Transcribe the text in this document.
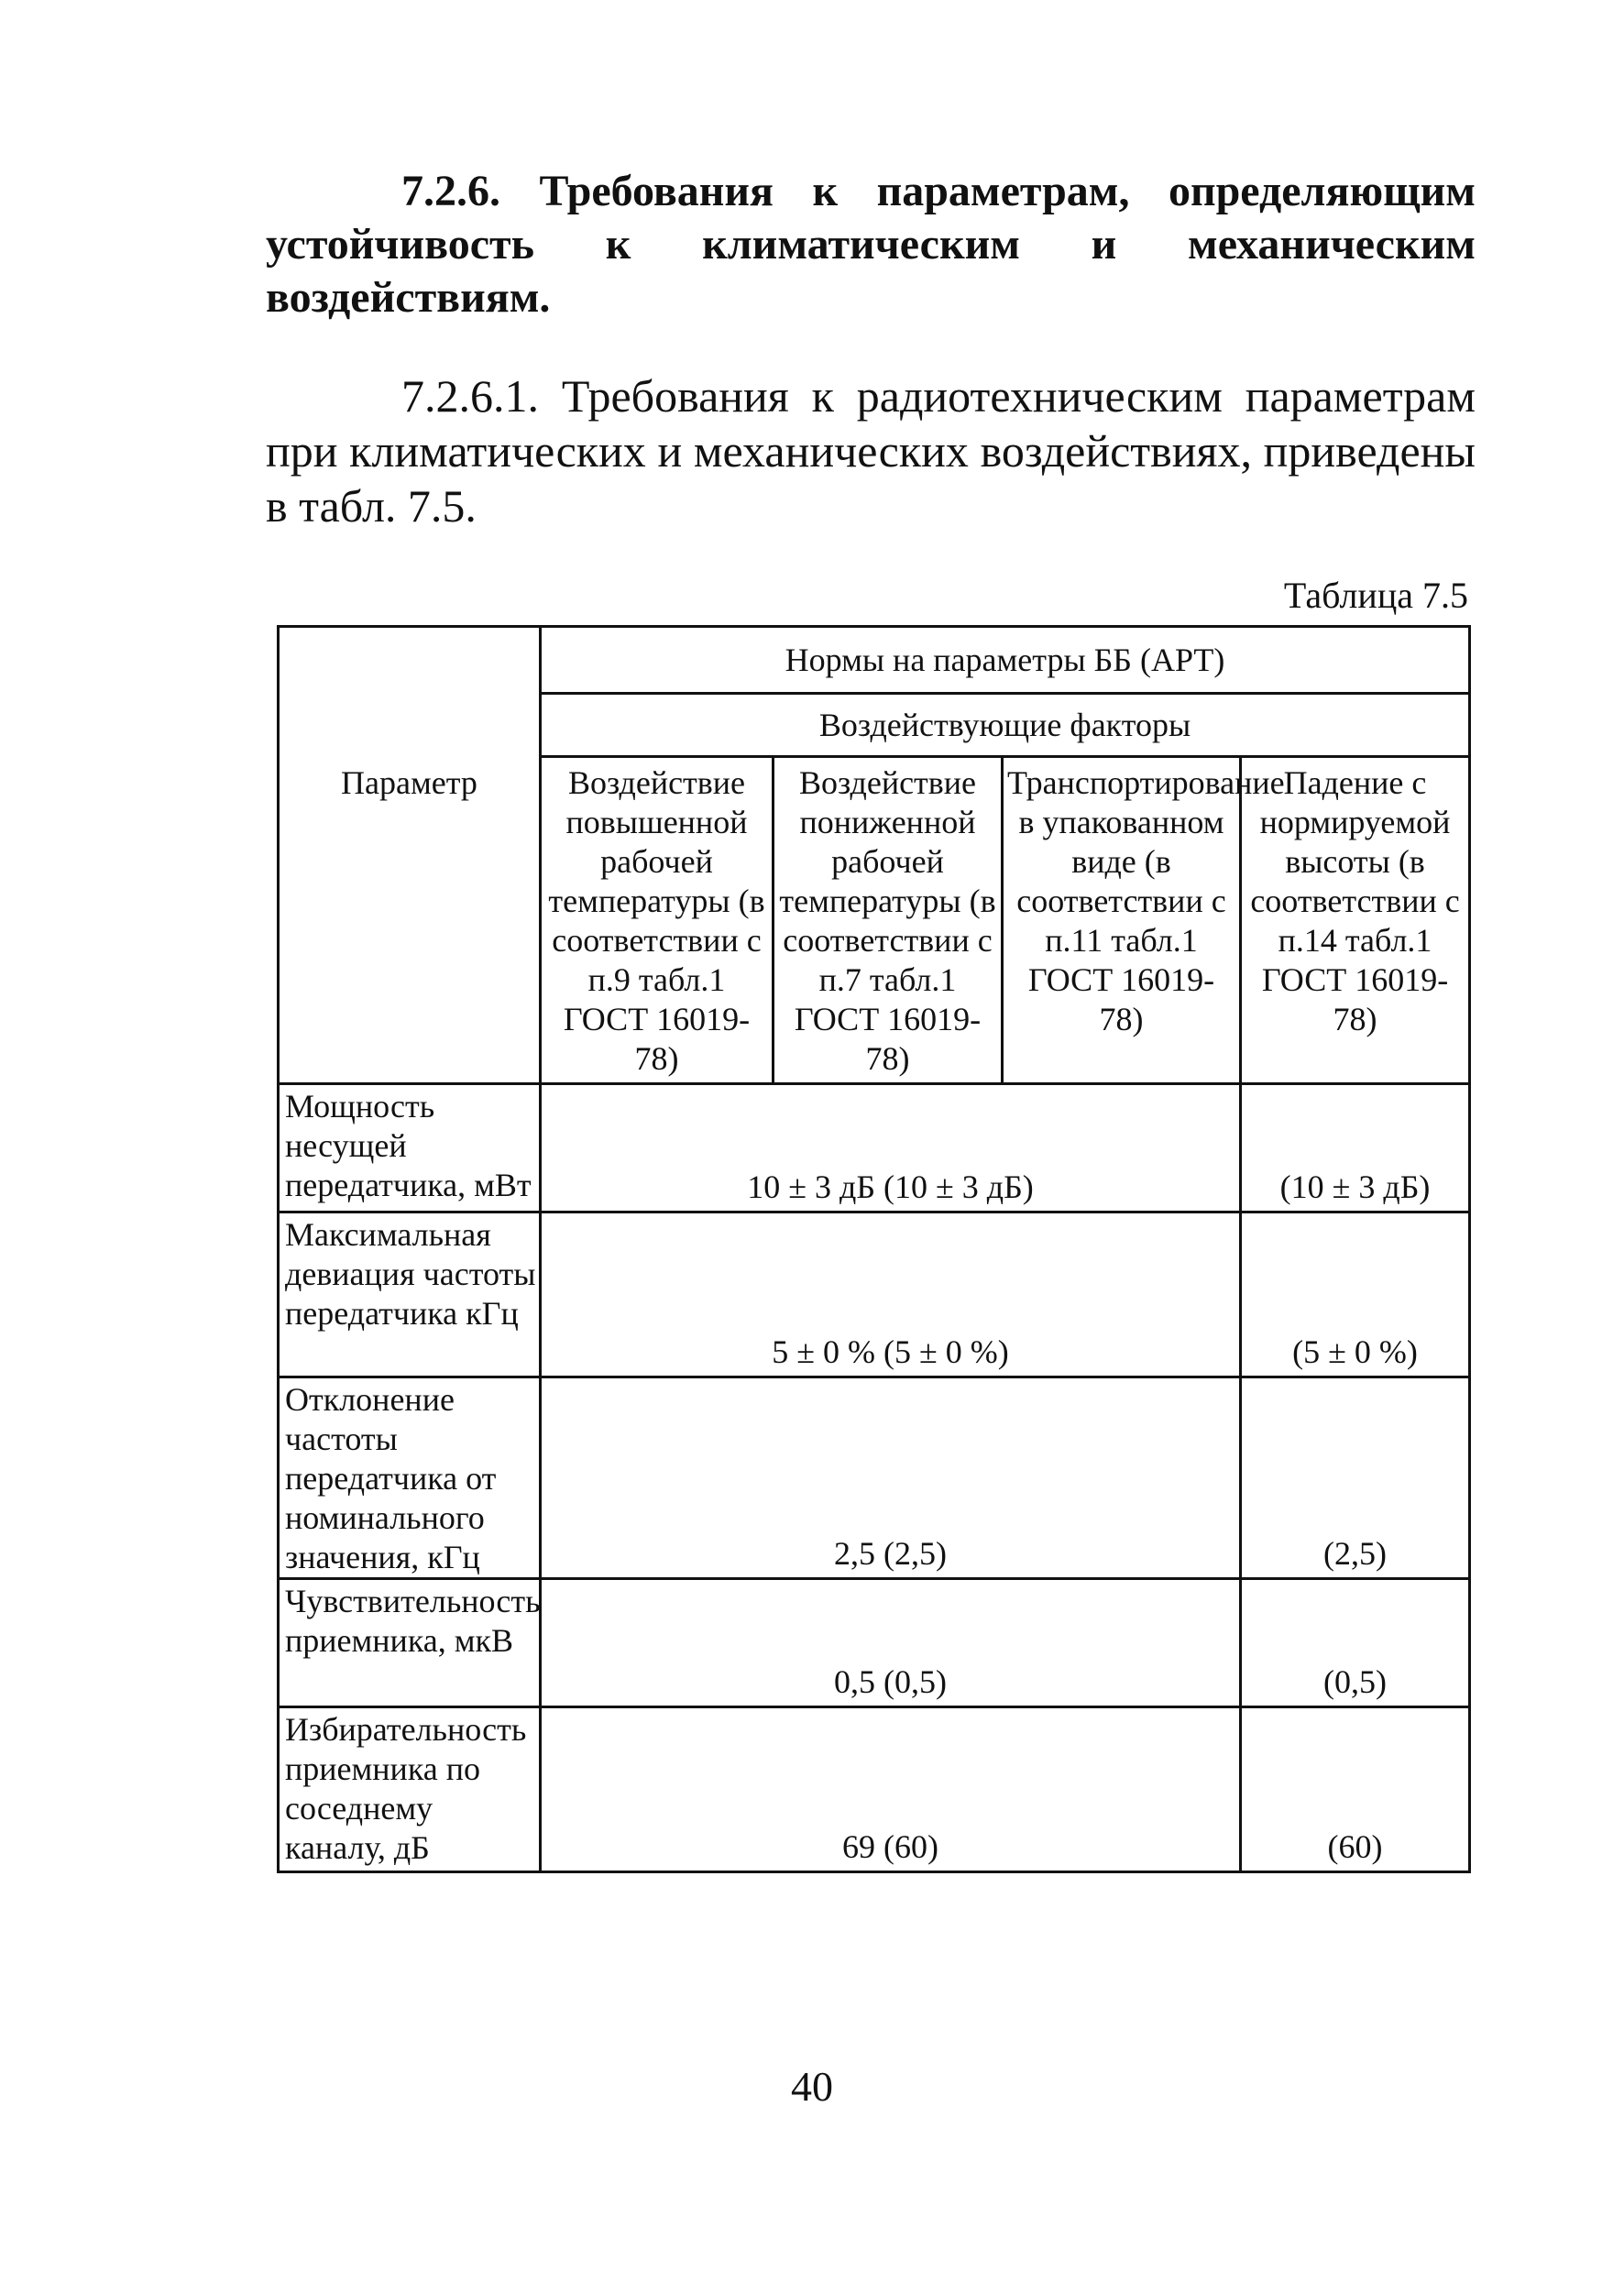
7.2.6. Требования к параметрам, определяющим устойчивость к климатическим и механическим воздействиям.
7.2.6.1. Требования к радиотехническим параметрам при климатических и механических воздействиях, приведены в табл. 7.5.
Таблица 7.5
Параметр	Нормы на параметры ББ (АРТ)			
	Воздействующие факторы			
	Воздействие повышенной рабочей температуры (в соответствии с п.9 табл.1 ГОСТ 16019-78)	Воздействие пониженной рабочей температуры (в соответствии с п.7 табл.1 ГОСТ 16019-78)	Транспортирование в упакованном виде (в соответствии с п.11 табл.1 ГОСТ 16019-78)	Падение с нормируемой высоты (в соответствии с п.14 табл.1 ГОСТ 16019-78)
Мощность несущей передатчика, мВт	10 ± 3 дБ (10 ± 3 дБ)			(10 ± 3 дБ)
Максимальная девиация частоты передатчика кГц	5 ± 0 % (5 ± 0 %)			(5 ± 0 %)
Отклонение частоты передатчика от номинального значения, кГц	2,5 (2,5)			(2,5)
Чувствительность приемника, мкВ	0,5 (0,5)			(0,5)
Избирательность приемника по соседнему каналу, дБ	69 (60)			(60)
40
